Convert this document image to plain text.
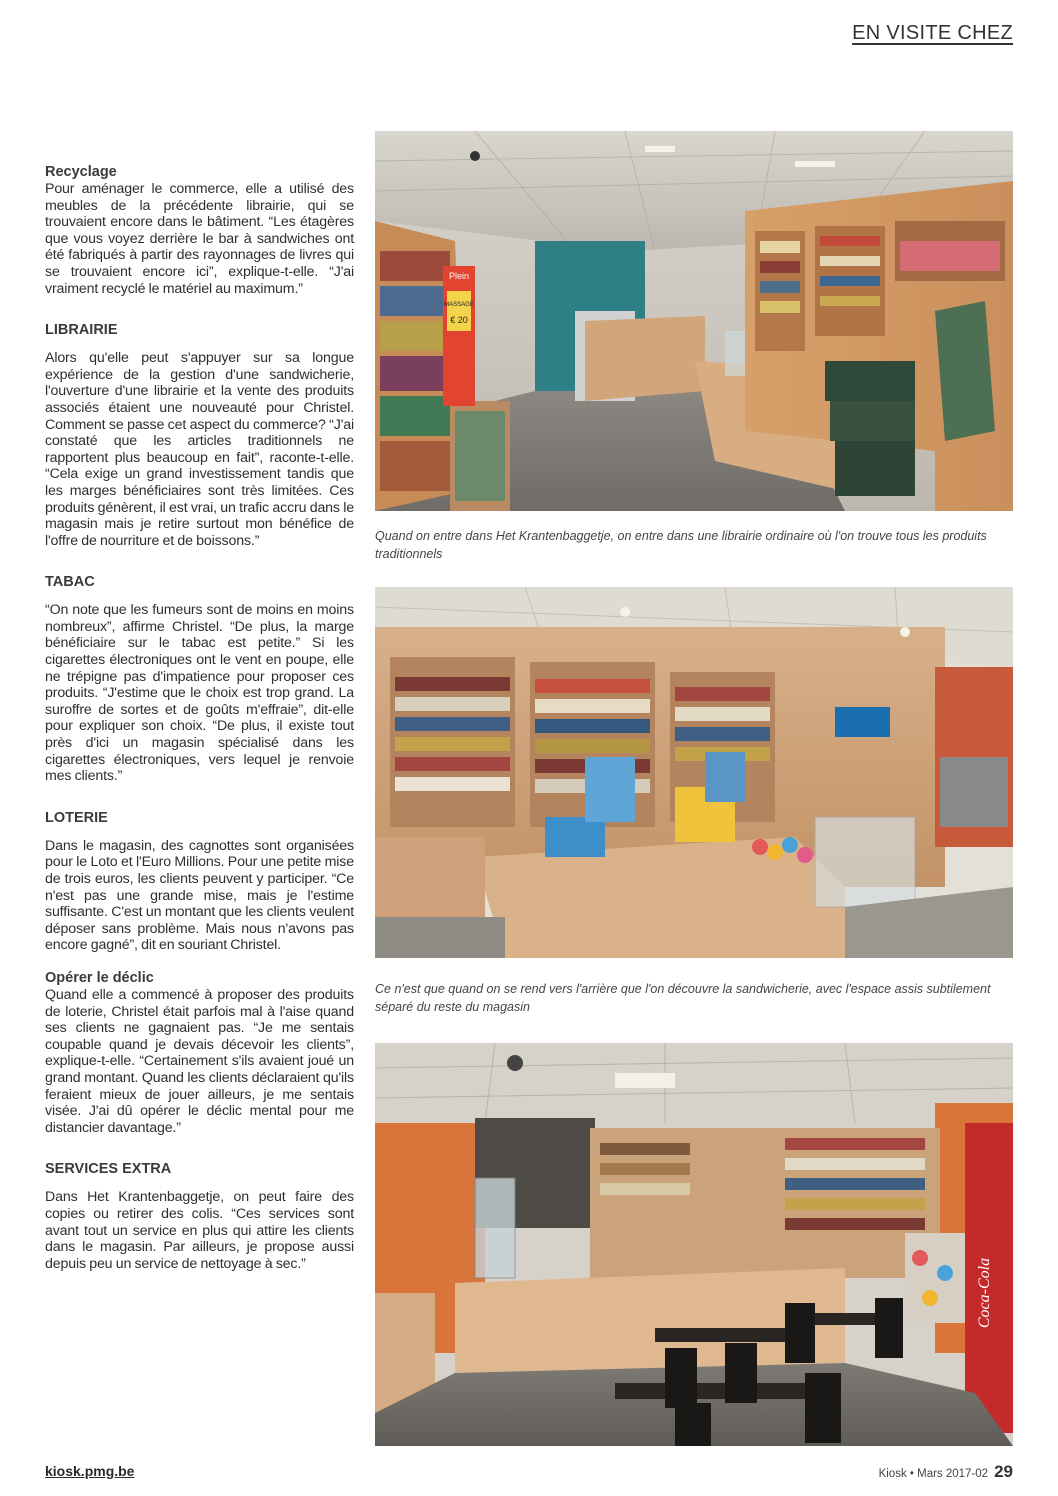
EN VISITE CHEZ
Recyclage
Pour aménager le commerce, elle a utilisé des meubles de la précédente librairie, qui se trouvaient encore dans le bâtiment. “Les étagères que vous voyez derrière le bar à sandwiches ont été fabriqués à partir des rayonnages de livres qui se trouvaient encore ici”, explique-t-elle. “J'ai vraiment recyclé le matériel au maximum.”
LIBRAIRIE
Alors qu'elle peut s'appuyer sur sa longue expérience de la gestion d'une sandwicherie, l'ouverture d'une librairie et la vente des produits associés étaient une nouveauté pour Christel. Comment se passe cet aspect du commerce? “J'ai constaté que les articles traditionnels ne rapportent plus beaucoup en fait”, raconte-t-elle. “Cela exige un grand investissement tandis que les marges bénéficiaires sont très limitées. Ces produits génèrent, il est vrai, un trafic accru dans le magasin mais je retire surtout mon bénéfice de l'offre de nourriture et de boissons.”
TABAC
“On note que les fumeurs sont de moins en moins nombreux”, affirme Christel. “De plus, la marge bénéficiaire sur le tabac est petite.” Si les cigarettes électroniques ont le vent en poupe, elle ne trépigne pas d'impatience pour proposer ces produits. “J'estime que le choix est trop grand. La suroffre de sortes et de goûts m'effraie”, dit-elle pour expliquer son choix. “De plus, il existe tout près d'ici un magasin spécialisé dans les cigarettes électroniques, vers lequel je renvoie mes clients.”
LOTERIE
Dans le magasin, des cagnottes sont organisées pour le Loto et l'Euro Millions. Pour une petite mise de trois euros, les clients peuvent y participer. “Ce n'est pas une grande mise, mais je l'estime suffisante. C'est un montant que les clients veulent déposer sans problème. Mais nous n'avons pas encore gagné”, dit en souriant Christel.
Opérer le déclic
Quand elle a commencé à proposer des produits de loterie, Christel était parfois mal à l'aise quand ses clients ne gagnaient pas. “Je me sentais coupable quand je devais décevoir les clients”, explique-t-elle. “Certainement s'ils avaient joué un grand montant. Quand les clients déclaraient qu'ils feraient mieux de jouer ailleurs, je me sentais visée. J'ai dû opérer le déclic mental pour me distancier davantage.”
SERVICES EXTRA
Dans Het Krantenbaggetje, on peut faire des copies ou retirer des colis. “Ces services sont avant tout un service en plus qui attire les clients dans le magasin. Par ailleurs, je propose aussi depuis peu un service de nettoyage à sec.”
Plein
MASSAGE
€ 20
Quand on entre dans Het Krantenbaggetje, on entre dans une librairie ordinaire où l'on trouve tous les produits traditionnels
Ce n'est que quand on se rend vers l'arrière que l'on découvre la sandwicherie, avec l'espace assis subtilement séparé du reste du magasin
Coca-Cola
kiosk.pmg.be	Kiosk • Mars 2017-02 29
